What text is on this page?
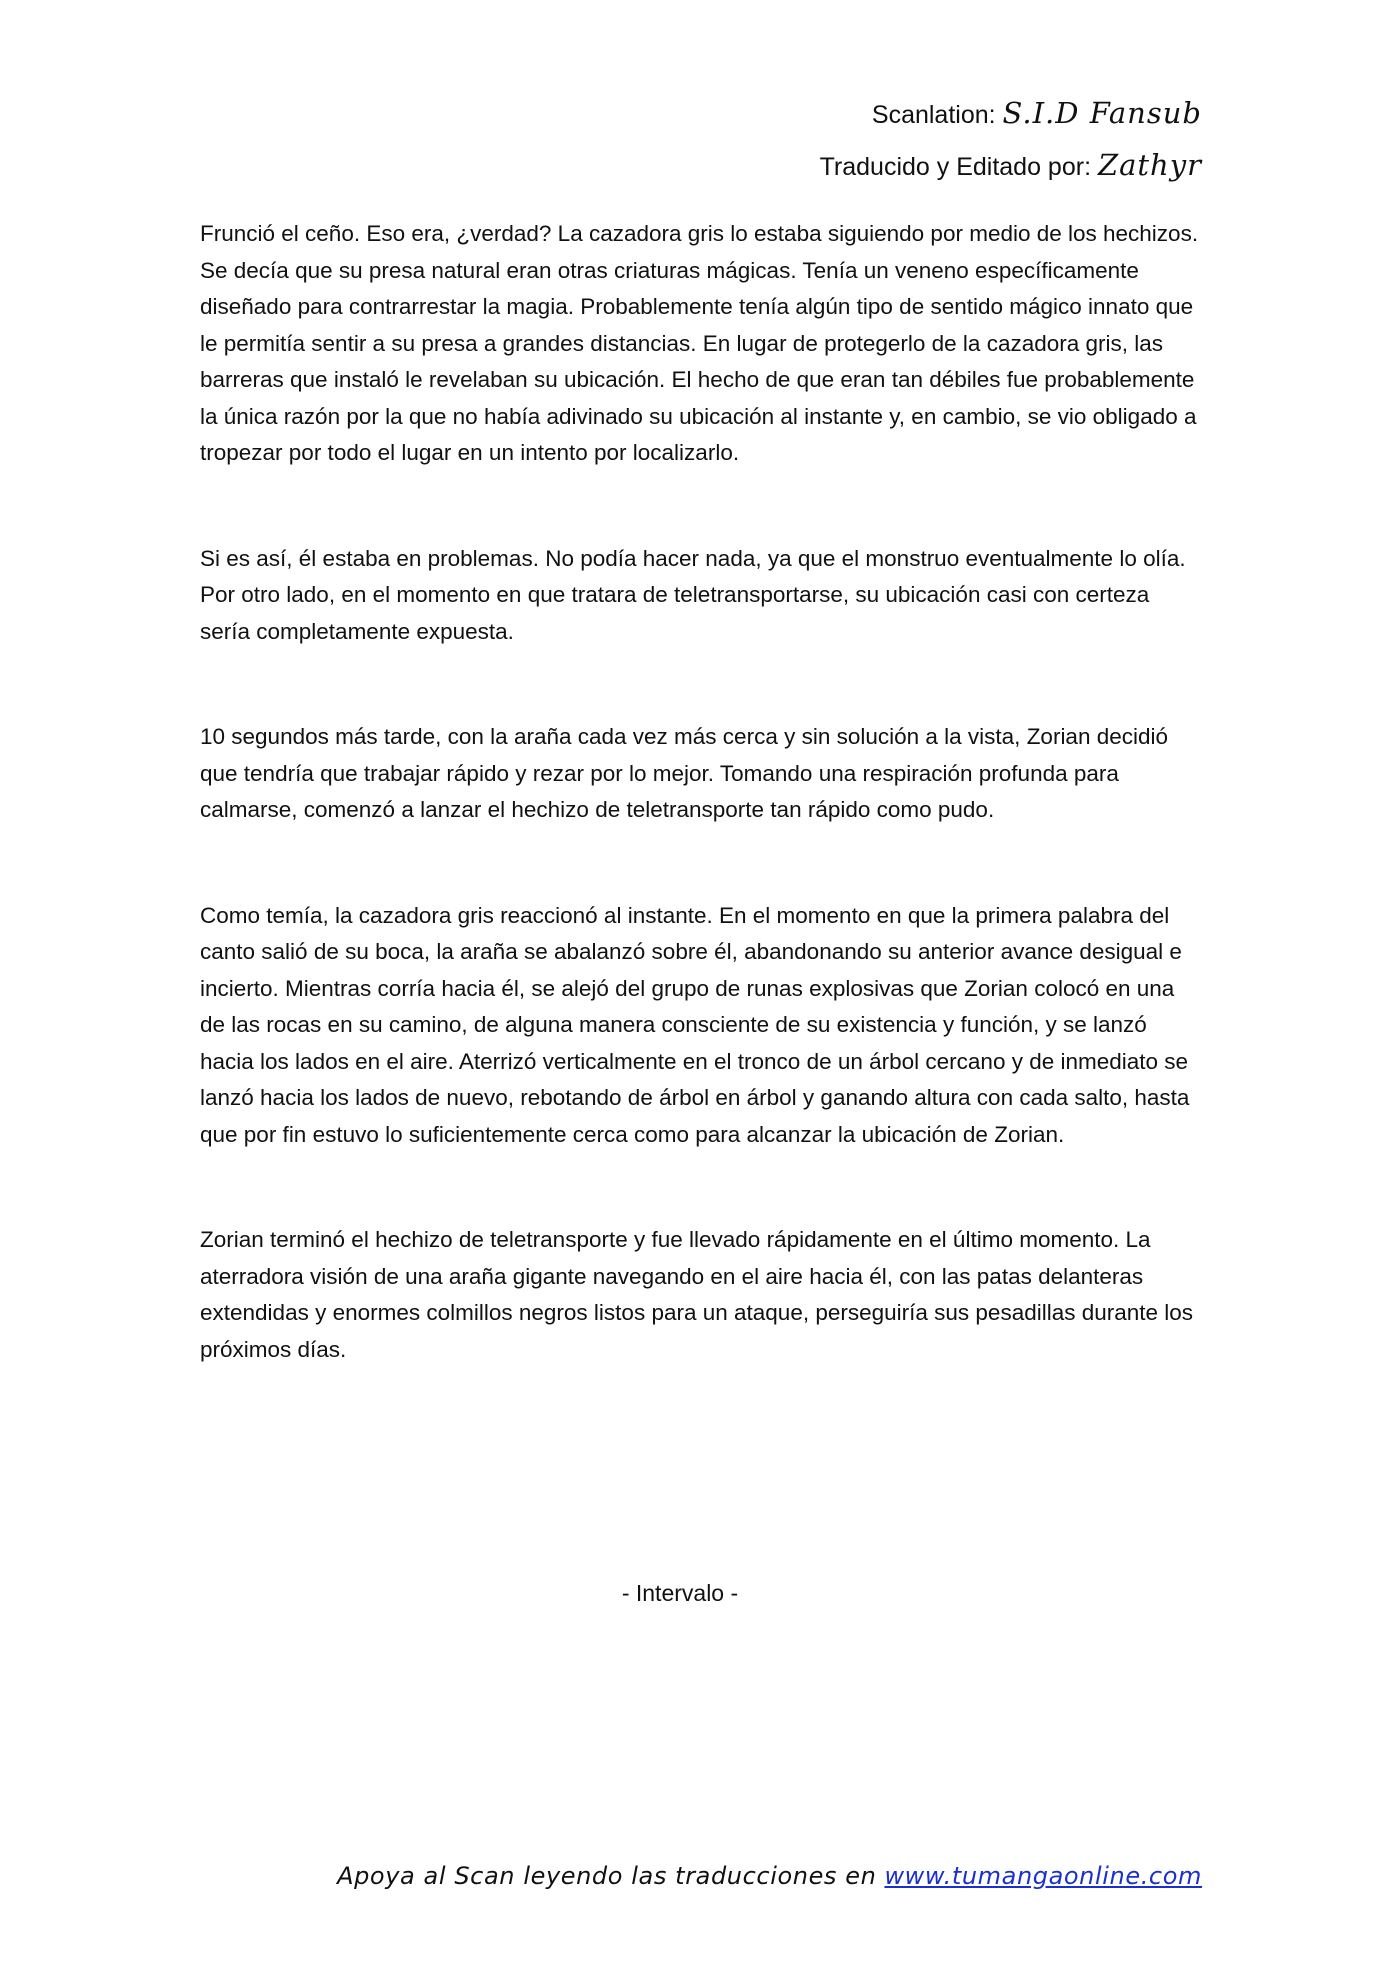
Scanlation: S.I.D Fansub
Traducido y Editado por: Zathyr

Frunció el ceño. Eso era, ¿verdad? La cazadora gris lo estaba siguiendo por medio de los hechizos. Se decía que su presa natural eran otras criaturas mágicas. Tenía un veneno específicamente diseñado para contrarrestar la magia. Probablemente tenía algún tipo de sentido mágico innato que le permitía sentir a su presa a grandes distancias. En lugar de protegerlo de la cazadora gris, las barreras que instaló le revelaban su ubicación. El hecho de que eran tan débiles fue probablemente la única razón por la que no había adivinado su ubicación al instante y, en cambio, se vio obligado a tropezar por todo el lugar en un intento por localizarlo.

Si es así, él estaba en problemas. No podía hacer nada, ya que el monstruo eventualmente lo olía. Por otro lado, en el momento en que tratara de teletransportarse, su ubicación casi con certeza sería completamente expuesta.

10 segundos más tarde, con la araña cada vez más cerca y sin solución a la vista, Zorian decidió que tendría que trabajar rápido y rezar por lo mejor. Tomando una respiración profunda para calmarse, comenzó a lanzar el hechizo de teletransporte tan rápido como pudo.

Como temía, la cazadora gris reaccionó al instante. En el momento en que la primera palabra del canto salió de su boca, la araña se abalanzó sobre él, abandonando su anterior avance desigual e incierto. Mientras corría hacia él, se alejó del grupo de runas explosivas que Zorian colocó en una de las rocas en su camino, de alguna manera consciente de su existencia y función, y se lanzó hacia los lados en el aire. Aterrizó verticalmente en el tronco de un árbol cercano y de inmediato se lanzó hacia los lados de nuevo, rebotando de árbol en árbol y ganando altura con cada salto, hasta que por fin estuvo lo suficientemente cerca como para alcanzar la ubicación de Zorian.

Zorian terminó el hechizo de teletransporte y fue llevado rápidamente en el último momento. La aterradora visión de una araña gigante navegando en el aire hacia él, con las patas delanteras extendidas y enormes colmillos negros listos para un ataque, perseguiría sus pesadillas durante los próximos días.

- Intervalo -
Apoya al Scan leyendo las traducciones en www.tumangaonline.com
